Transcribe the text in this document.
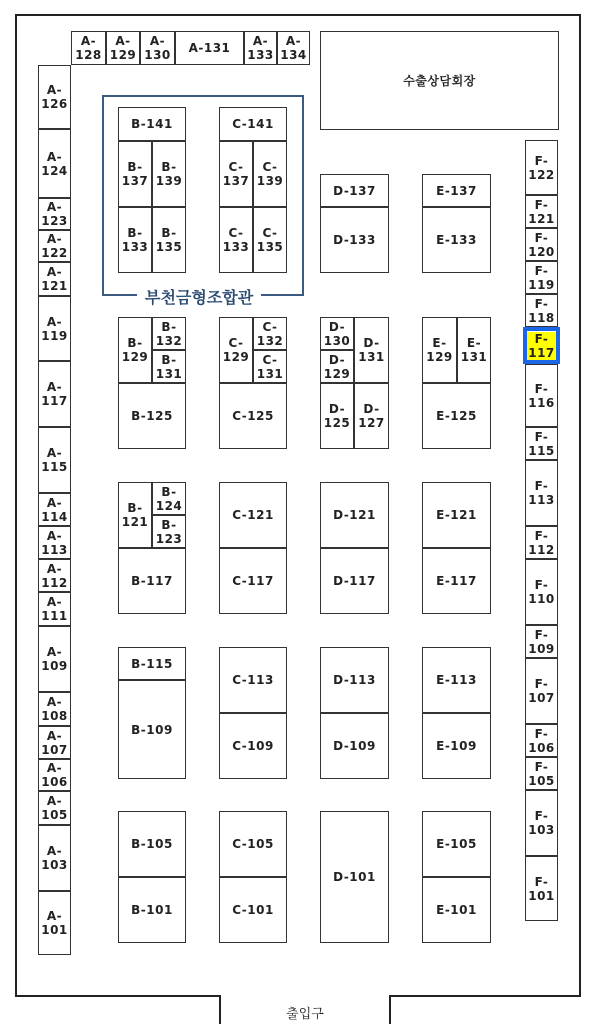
수출상담회장
부천금형조합관
출입구
A-
128
A-
129
A-
130 A-131	A-
133
A-
134
A-
126
A-
124
A-
123
A-
122
A-
121
A-
119
A-
117
A-
115
A-
114
A-
113
A-
112
A-
111
A-
109
A-
108
A-
107
A-
106
A-
105
A-
103
A-
101
F-
122
F-
121
F-
120
F-
119
F-
118
F-
117
F-
116
F-
115
F-
113
F-
112
F-
110
F-
109
F-
107
F-
106
F-
105
F-
103
F-
101
B-141
B-
137
B-
139
B-
133
B-
135
C-141
C-
137
C-
139
C-
133
C-
135
D-137
D-133
E-137
E-133
B-
129
B-
132
B-
131
B-125
C-
129
C-
132
C-
131
C-125
D-
130
D-
129
D-
131
D-
125
D-
127
E-
129
E-
131
E-125
B-
121
B-
124
B-
123
B-117
C-121
C-117
D-121
D-117
E-121
E-117
B-115
B-109
C-113
C-109
D-113
D-109
E-113
E-109
B-105
B-101
C-105
C-101
D-101
E-105
E-101
